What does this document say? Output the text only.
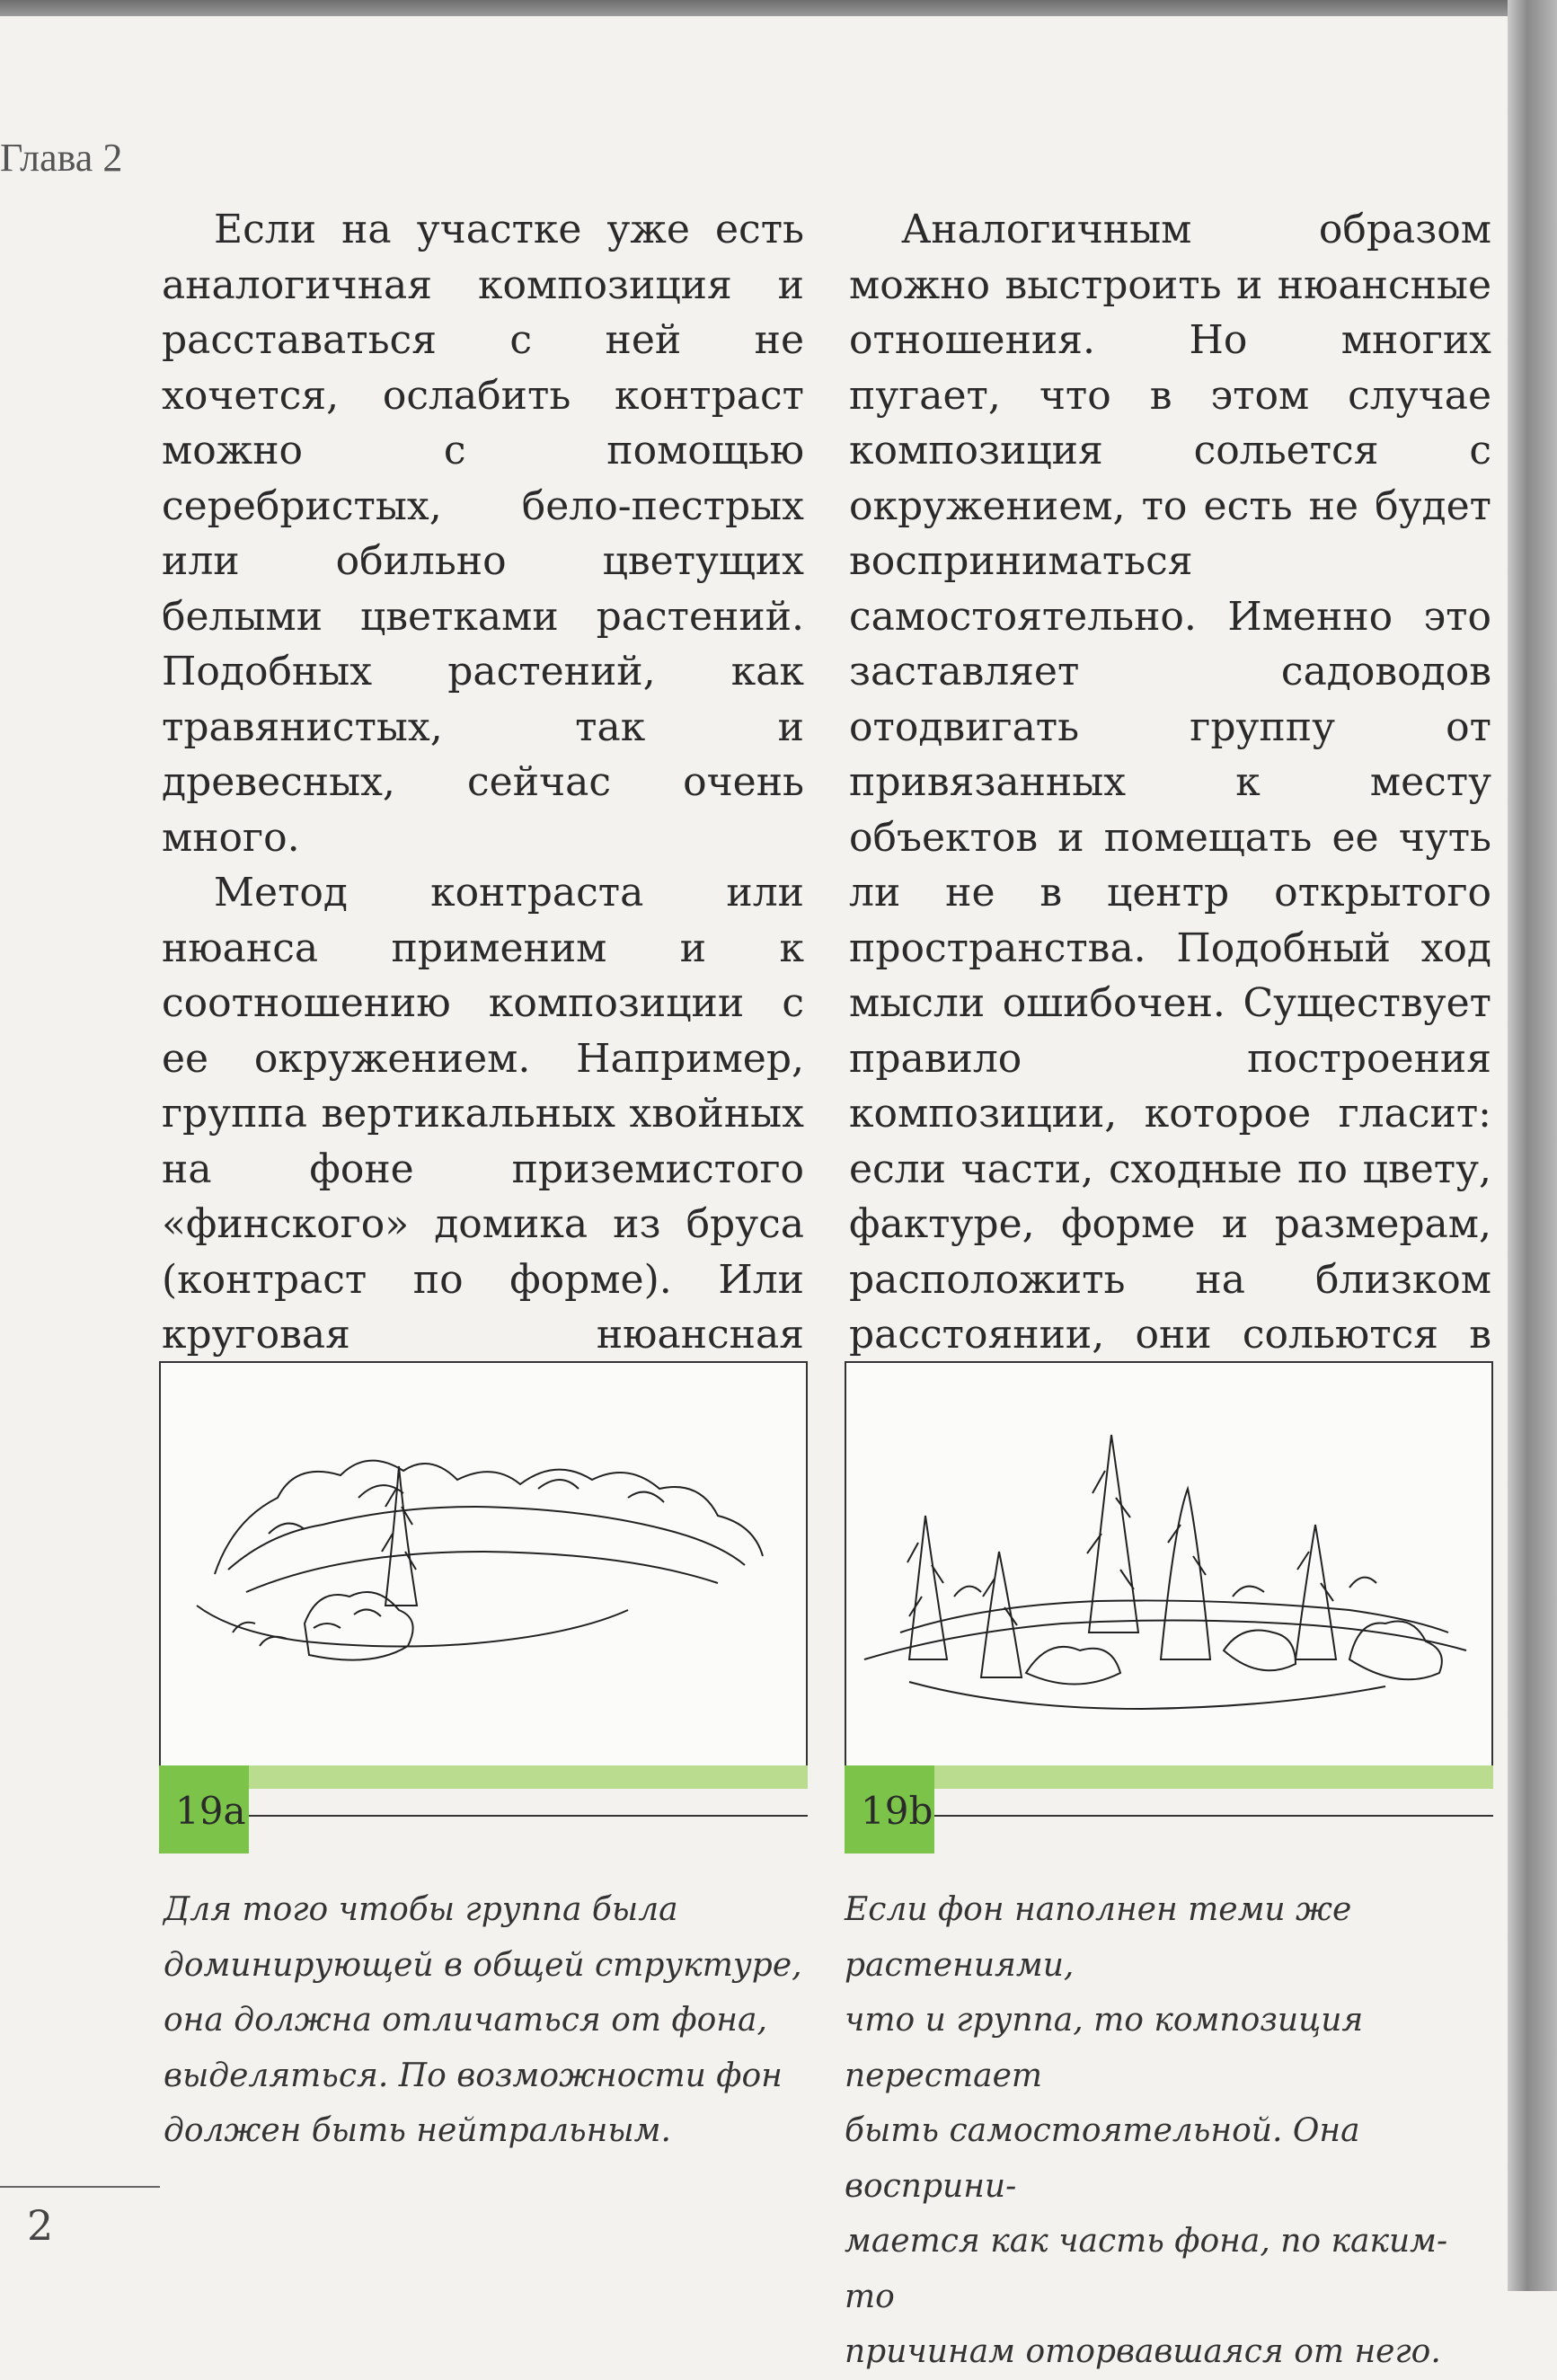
Глава 2

Если на участке уже есть аналогичная композиция и расставаться с ней не хочется, ослабить контраст можно с помощью серебристых, бело-пестрых или обильно цветущих белыми цветками растений. Подобных растений, как травянистых, так и древесных, сейчас очень много.

Метод контраста или нюанса применим и к соотношению композиции с ее окружением. Например, группа вертикальных хвойных на фоне приземистого «финского» домика из бруса (контраст по форме). Или круговая нюансная

Аналогичным образом можно выстроить и нюансные отношения. Но многих пугает, что в этом случае композиция сольется с окружением, то есть не будет восприниматься самостоятельно. Именно это заставляет садоводов отодвигать группу от привязанных к месту объектов и помещать ее чуть ли не в центр открытого пространства. Подобный ход мысли ошибочен. Существует правило построения композиции, которое гласит: если части, сходные по цвету, фактуре, форме и размерам, расположить на близком расстоянии, они сольются в

19a	19b
Для того чтобы группа была
доминирующей в общей структуре,
она должна отличаться от фона,
выделяться. По возможности фон
должен быть нейтральным.
Если фон наполнен теми же растениями,
что и группа, то композиция перестает
быть самостоятельной. Она восприни-
мается как часть фона, по каким-то
причинам оторвавшаяся от него.
2
